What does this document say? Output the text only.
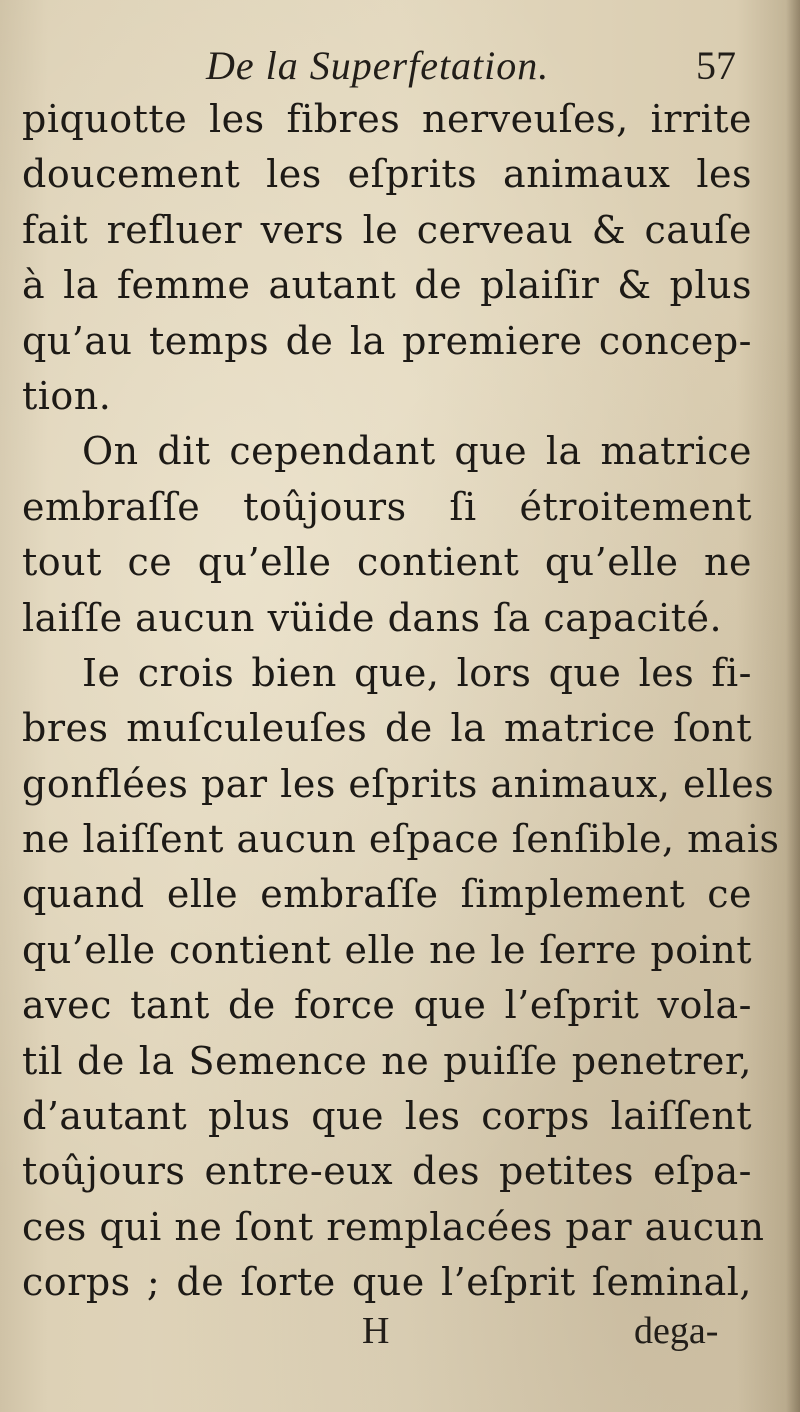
De la Superfetation.	57
piquotte les fibres nerveuſes, irrite
doucement les eſprits animaux les
fait refluer vers le cerveau & cauſe
à la femme autant de plaiſir & plus
qu’au temps de la premiere concep-
tion.
On dit cependant que la matrice
embraſſe toûjours ſi étroitement
tout ce qu’elle contient qu’elle ne
laiſſe aucun vüide dans ſa capacité.
Ie crois bien que, lors que les fi-
bres muſculeuſes de la matrice ſont
gonflées par les eſprits animaux, elles
ne laiſſent aucun eſpace ſenſible, mais
quand elle embraſſe ſimplement ce
qu’elle contient elle ne le ſerre point
avec tant de force que l’eſprit vola-
til de la Semence ne puiſſe penetrer,
d’autant plus que les corps laiſſent
toûjours entre-eux des petites eſpa-
ces qui ne ſont remplacées par aucun
corps ; de ſorte que l’eſprit ſeminal,
H	dega-
